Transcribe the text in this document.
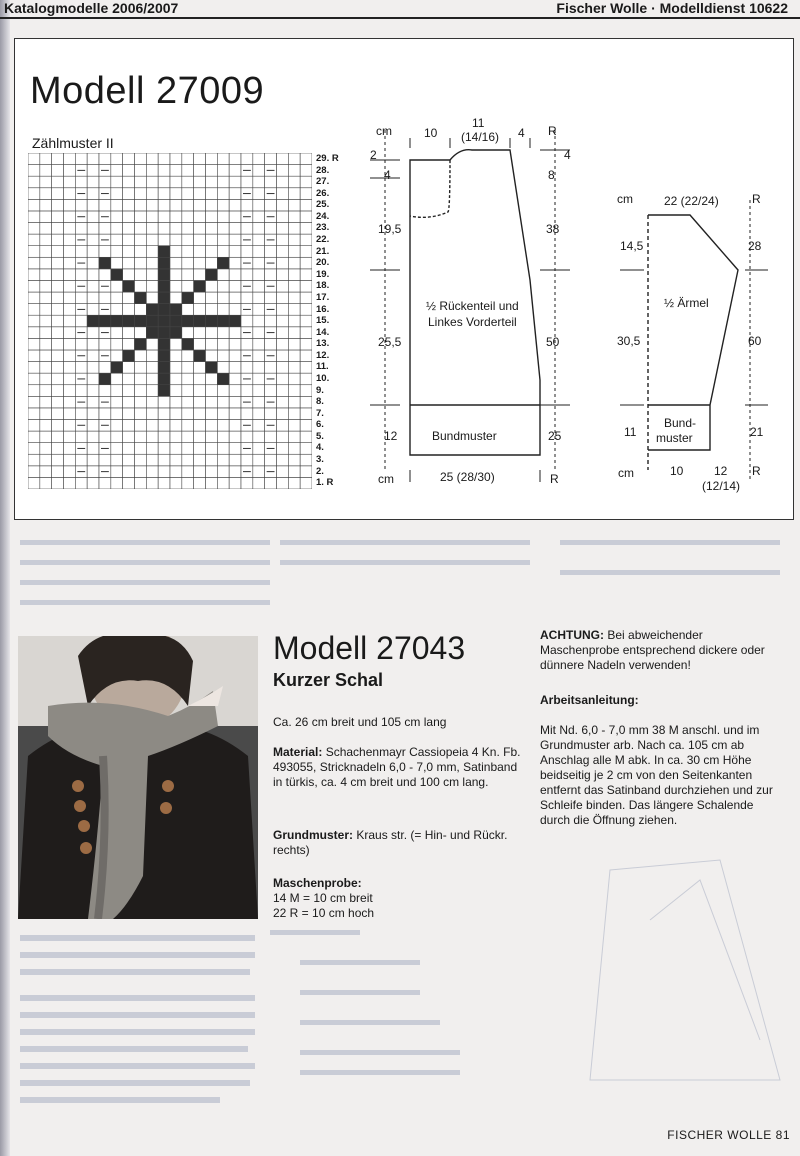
Katalogmodelle 2006/2007	Fischer Wolle · Modelldienst 10622
Modell 27009
Zählmuster II
29. R
28.
27.
26.
25.
24.
23.
22.
21.
20.
19.
18.
17.
16.
15.
14.
13.
12.
11.
10.
9.
8.
7.
6.
5.
4.
3.
2.
1. R
cm	10
11
(14/16) 4 R
2	4
4	8
19,5	38
½ Rückenteil und
Linkes Vorderteil
25,5	50
Bundmuster
12	25
cm	25 (28/30)	R
cm	22 (22/24)	R
14,5	28
½ Ärmel
30,5	60
Bund-
muster
11	21
cm	10	12
(12/14)
R
Modell 27043
Kurzer Schal
Ca. 26 cm breit und 105 cm lang
Material: Schachenmayr Cassiopeia 4 Kn. Fb. 493055, Stricknadeln 6,0 - 7,0 mm, Satinband in türkis, ca. 4 cm breit und 100 cm lang.
Grundmuster: Kraus str. (= Hin- und Rückr. rechts)
Maschenprobe:
14 M = 10 cm breit
22 R = 10 cm hoch
ACHTUNG: Bei abweichender Maschenprobe entsprechend dickere oder dünnere Nadeln verwenden!
Arbeitsanleitung:
Mit Nd. 6,0 - 7,0 mm 38 M anschl. und im Grundmuster arb. Nach ca. 105 cm ab Anschlag alle M abk. In ca. 30 cm Höhe beidseitig je 2 cm von den Seitenkanten entfernt das Satinband durchziehen und zur Schleife binden. Das längere Schalende durch die Öffnung ziehen.
FISCHER WOLLE 81
